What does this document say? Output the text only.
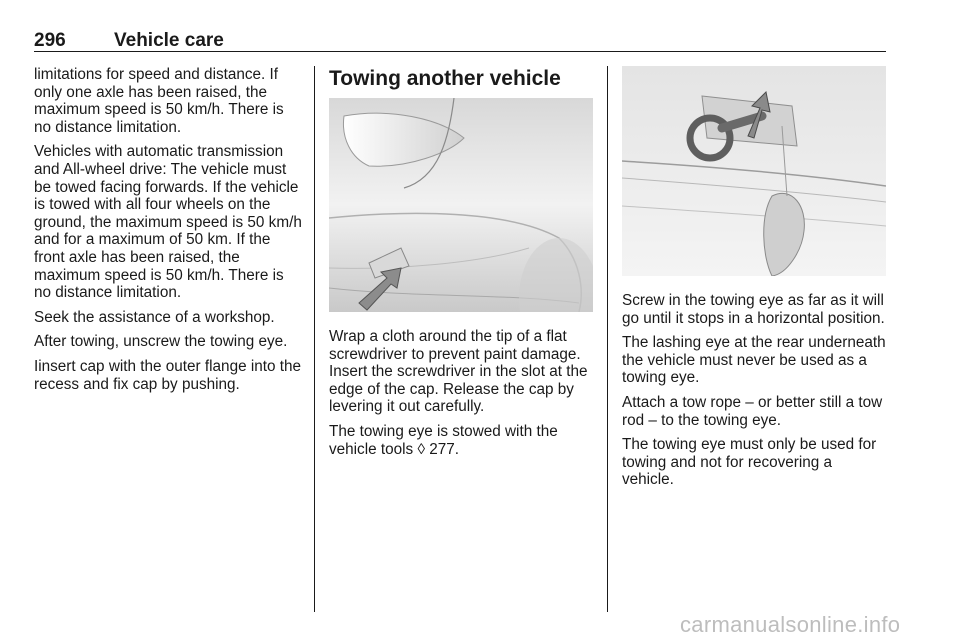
296	Vehicle care

limitations for speed and distance. If only one axle has been raised, the maximum speed is 50 km/h. There is no distance limitation.

Vehicles with automatic transmission and All-wheel drive: The vehicle must be towed facing forwards. If the vehicle is towed with all four wheels on the ground, the maximum speed is 50 km/h and for a maximum of 50 km. If the front axle has been raised, the maximum speed is 50 km/h. There is no distance limitation.

Seek the assistance of a workshop.

After towing, unscrew the towing eye.

Iinsert cap with the outer flange into the recess and fix cap by pushing.

Towing another vehicle

Wrap a cloth around the tip of a flat screwdriver to prevent paint damage. Insert the screwdriver in the slot at the edge of the cap. Release the cap by levering it out carefully.

The towing eye is stowed with the vehicle tools ◊ 277.

Screw in the towing eye as far as it will go until it stops in a horizontal position.

The lashing eye at the rear underneath the vehicle must never be used as a towing eye.

Attach a tow rope – or better still a tow rod – to the towing eye.

The towing eye must only be used for towing and not for recovering a vehicle.

carmanualsonline.info
